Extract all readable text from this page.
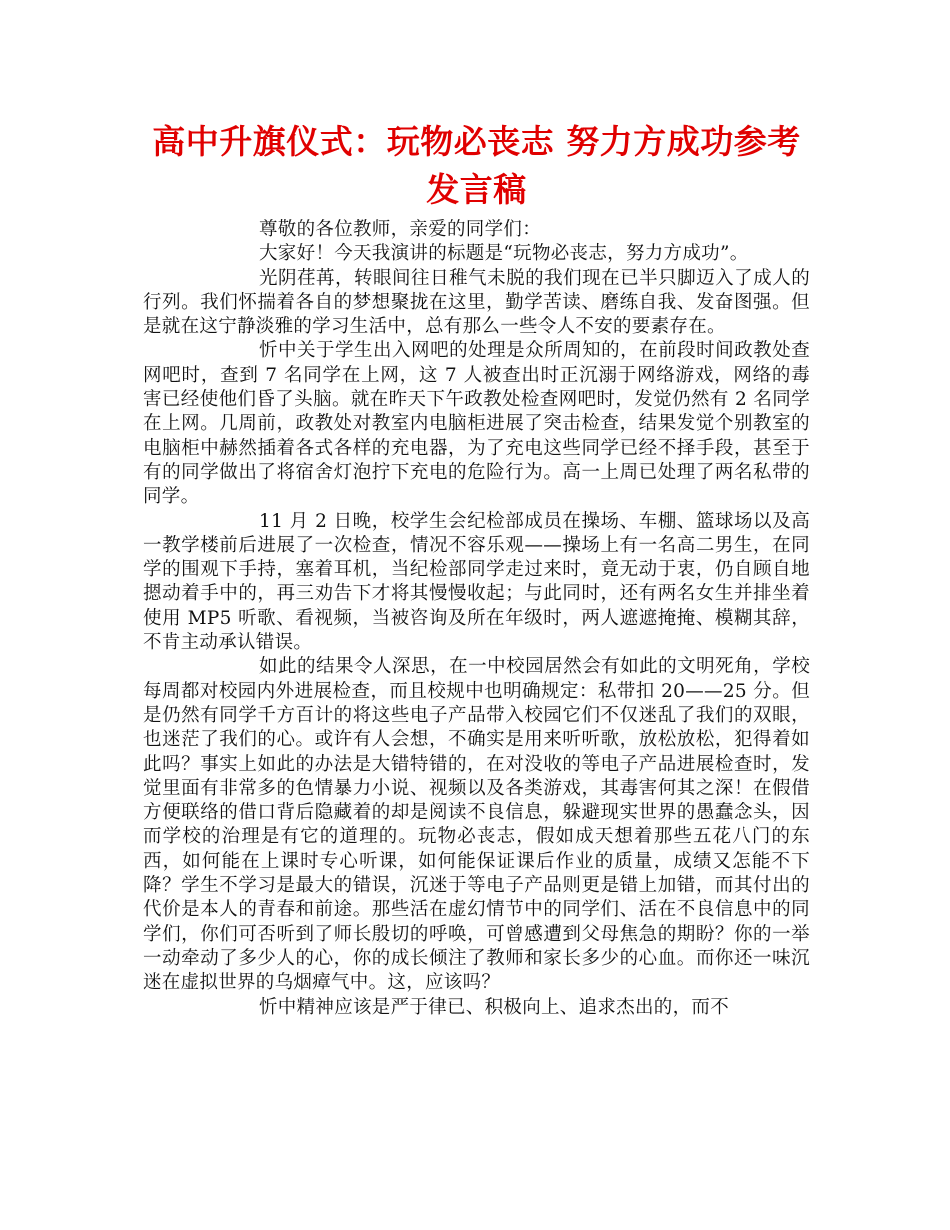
高中升旗仪式：玩物必丧志 努力方成功参考发言稿

尊敬的各位教师，亲爱的同学们：

大家好！今天我演讲的标题是“玩物必丧志，努力方成功”。

光阴荏苒，转眼间往日稚气未脱的我们现在已半只脚迈入了成人的行列。我们怀揣着各自的梦想聚拢在这里，勤学苦读、磨练自我、发奋图强。但是就在这宁静淡雅的学习生活中，总有那么一些令人不安的要素存在。

忻中关于学生出入网吧的处理是众所周知的，在前段时间政教处查网吧时，查到 7 名同学在上网，这 7 人被查出时正沉溺于网络游戏，网络的毒害已经使他们昏了头脑。就在昨天下午政教处检查网吧时，发觉仍然有 2 名同学在上网。几周前，政教处对教室内电脑柜进展了突击检查，结果发觉个别教室的电脑柜中赫然插着各式各样的充电器，为了充电这些同学已经不择手段，甚至于有的同学做出了将宿舍灯泡拧下充电的危险行为。高一上周已处理了两名私带的同学。

11 月 2 日晚，校学生会纪检部成员在操场、车棚、篮球场以及高一教学楼前后进展了一次检查，情况不容乐观——操场上有一名高二男生，在同学的围观下手持，塞着耳机，当纪检部同学走过来时，竟无动于衷，仍自顾自地摁动着手中的，再三劝告下才将其慢慢收起；与此同时，还有两名女生并排坐着使用 MP5 听歌、看视频，当被咨询及所在年级时，两人遮遮掩掩、模糊其辞，不肯主动承认错误。

如此的结果令人深思，在一中校园居然会有如此的文明死角，学校每周都对校园内外进展检查，而且校规中也明确规定：私带扣 20——25 分。但是仍然有同学千方百计的将这些电子产品带入校园它们不仅迷乱了我们的双眼，也迷茫了我们的心。或许有人会想，不确实是用来听听歌，放松放松，犯得着如此吗？事实上如此的办法是大错特错的，在对没收的等电子产品进展检查时，发觉里面有非常多的色情暴力小说、视频以及各类游戏，其毒害何其之深！在假借方便联络的借口背后隐藏着的却是阅读不良信息，躲避现实世界的愚蠢念头，因而学校的治理是有它的道理的。玩物必丧志，假如成天想着那些五花八门的东西，如何能在上课时专心听课，如何能保证课后作业的质量，成绩又怎能不下降？学生不学习是最大的错误，沉迷于等电子产品则更是错上加错，而其付出的代价是本人的青春和前途。那些活在虚幻情节中的同学们、活在不良信息中的同学们，你们可否听到了师长殷切的呼唤，可曾感遭到父母焦急的期盼？你的一举一动牵动了多少人的心，你的成长倾注了教师和家长多少的心血。而你还一味沉迷在虚拟世界的乌烟瘴气中。这，应该吗？

忻中精神应该是严于律已、积极向上、追求杰出的，而不
